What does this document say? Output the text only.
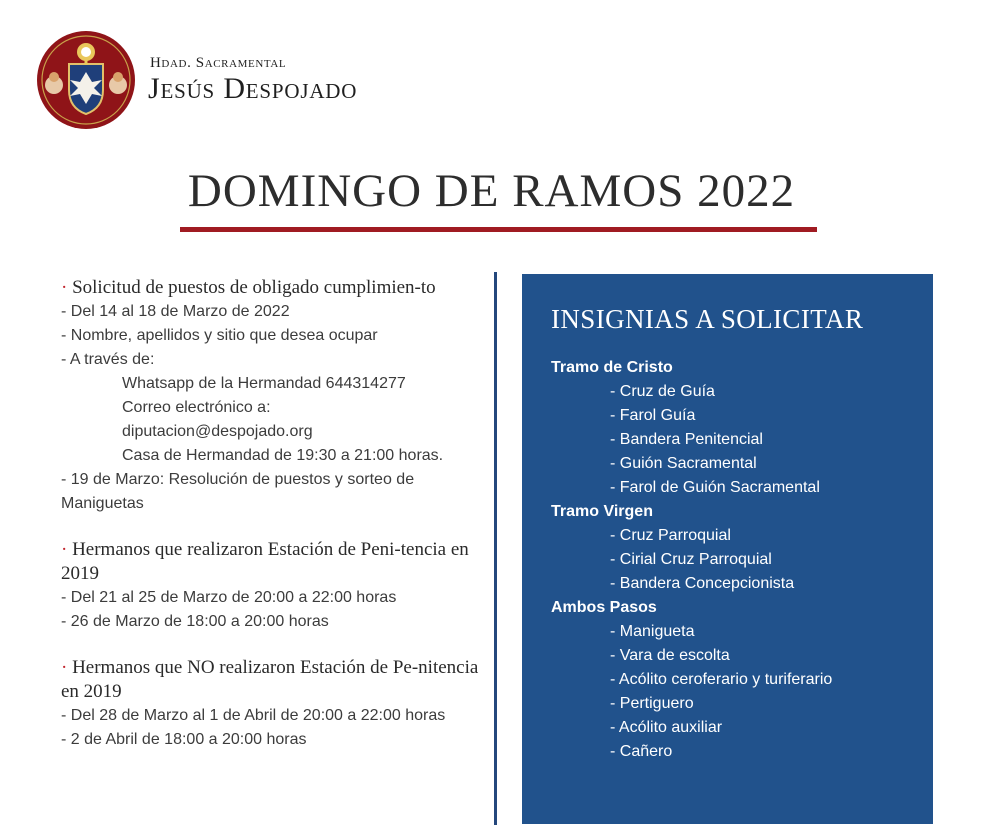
Hdad. Sacramental
Jesús Despojado
DOMINGO DE RAMOS 2022
· Solicitud de puestos de obligado cumplimien-to
- Del 14 al 18 de Marzo de 2022
- Nombre, apellidos y sitio que desea ocupar
- A través de:
Whatsapp de la Hermandad 644314277
Correo electrónico a:
diputacion@despojado.org
Casa de Hermandad de 19:30 a 21:00 horas.
- 19 de Marzo: Resolución de puestos y sorteo de Maniguetas
· Hermanos que realizaron Estación de Peni-tencia en 2019
- Del 21 al 25 de Marzo de 20:00 a 22:00 horas
- 26 de Marzo de 18:00 a 20:00 horas
· Hermanos que NO realizaron Estación de Pe-nitencia en 2019
- Del 28 de Marzo al 1 de Abril de 20:00 a 22:00 horas
- 2 de Abril de 18:00 a 20:00 horas
INSIGNIAS A SOLICITAR
Tramo de Cristo
- Cruz de Guía
- Farol Guía
- Bandera Penitencial
- Guión Sacramental
- Farol de Guión Sacramental
Tramo Virgen
- Cruz Parroquial
- Cirial Cruz Parroquial
- Bandera Concepcionista
Ambos Pasos
- Manigueta
- Vara de escolta
- Acólito ceroferario y turiferario
- Pertiguero
- Acólito auxiliar
- Cañero
